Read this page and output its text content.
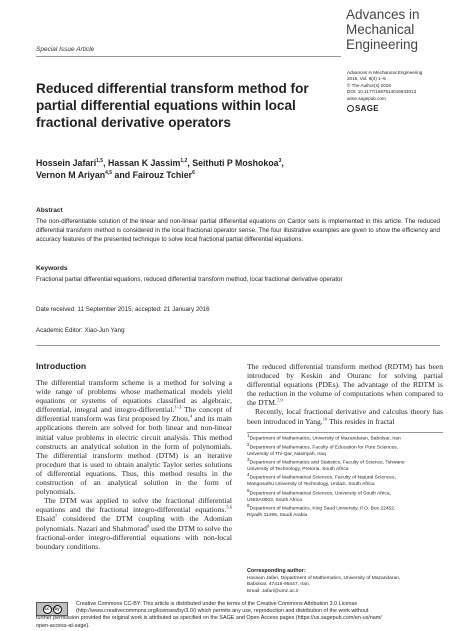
Advances in
Mechanical
Engineering
Special Issue Article
Advances in Mechanical Engineering
2016, Vol. 8(4) 1–6
© The Author(s) 2016
DOI: 10.1177/1687814016633013
aime.sagepub.com
SAGE
Reduced differential transform method for partial differential equations within local fractional derivative operators
Hossein Jafari$^{1,5}$, Hassan K Jassim$^{1,2}$, Seithuti P Moshokoa$^3$,
Vernon M Ariyan$^{4,5}$ and Fairouz Tchier$^6$
Abstract

The non-differentiable solution of the linear and non-linear partial differential equations on Cantor sets is implemented in this article. The reduced differential transform method is considered in the local fractional operator sense. The four illustrative examples are given to show the efficiency and accuracy features of the presented technique to solve local fractional partial differential equations.

Keywords

Fractional partial differential equations, reduced differential transform method, local fractional derivative operator

Date received: 11 September 2015; accepted: 21 January 2016
Academic Editor: Xiao-Jun Yang
Introduction

The differential transform scheme is a method for solving a wide range of problems whose mathematical models yield equations or systems of equations classified as algebraic, differential, integral and integro-differential.$^{1-3}$ The concept of differential transform was first proposed by Zhou,$^4$ and its main applications therein are solved for both linear and non-linear initial value problems in electric circuit analysis. This method constructs an analytical solution in the form of polynomials. The differential transform method (DTM) is an iterative procedure that is used to obtain analytic Taylor series solutions of differential equations. Thus, this method results in the construction of an analytical solution in the form of polynomials.

The DTM was applied to solve the fractional differential equations and the fractional integro-differential equations.$^{5,6}$ Elsaid$^7$ considered the DTM coupling with the Adomian polynomials. Nazari and Shahmorad$^8$ used the DTM to solve the fractional-order integro-differential equations with non-local boundary conditions.

The reduced differential transform method (RDTM) has been introduced by Keskin and Oturanc for solving partial differential equations (PDEs). The advantage of the RDTM is the reduction in the volume of computations when compared to the DTM.$^{7,9}$

Recently, local fractional derivative and calculus theory has been introduced in Yang.$^{10}$ This resides in fractal

$^1$Department of Mathematics, University of Mazandaran, Babolsar, Iran
$^2$Department of Mathematics, Faculty of Education for Pure Sciences,
University of Thi-Qar, Nasiriyah, Iraq
$^3$Department of Mathematics and Statistics, Faculty of Science, Tshwane
University of Technology, Pretoria, South Africa
$^4$Department of Mathematical Sciences, Faculty of Natural Sciences,
Mangosuthu University of Technology, Umlazi, South Africa
$^5$Department of Mathematical Sciences, University of South Africa,
UNISA0003, South Africa
$^6$Department of Mathematics, King Saud University, P.O. Box 22452,
Riyadh 11495, Saudi Arabia
Corresponding author:
Hossein Jafari, Department of Mathematics, University of Mazandaran,
Babolsar, 47416-95447, Iran.
Email: Jafari@umz.ac.ir
cc	by
Creative Commons CC-BY: This article is distributed under the terms of the Creative Commons Attribution 3.0 License
(http://www.creativecommons.org/licenses/by/3.0/) which permits any use, reproduction and distribution of the work without
further permission provided the original work is attributed as specified on the SAGE and Open Access pages (https://us.sagepub.com/en-us/nam/
open-access-at-sage).
